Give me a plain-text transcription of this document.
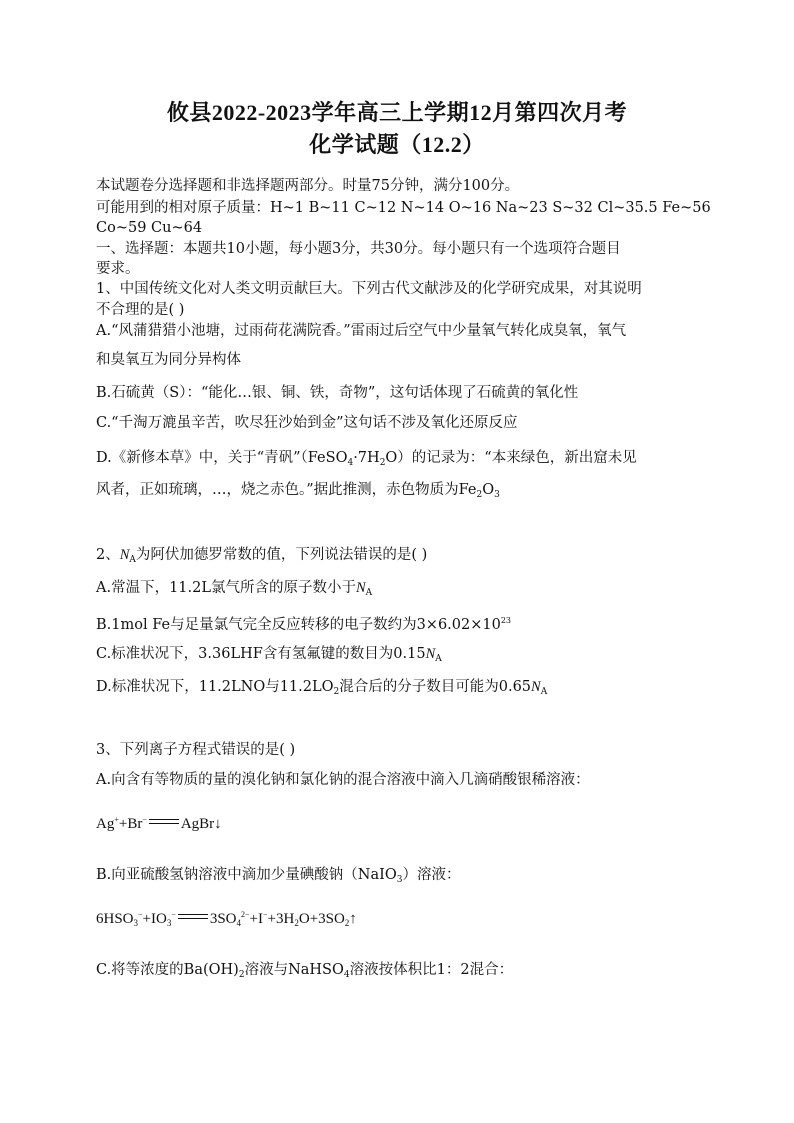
攸县2022-2023学年高三上学期12月第四次月考
化学试题（12.2）
本试题卷分选择题和非选择题两部分。时量75分钟，满分100分。
可能用到的相对原子质量：H~1 B~11 C~12 N~14 O~16 Na~23 S~32 Cl~35.5 Fe~56
Co~59 Cu~64
一、选择题：本题共10小题，每小题3分，共30分。每小题只有一个选项符合题目
要求。
1、中国传统文化对人类文明贡献巨大。下列古代文献涉及的化学研究成果，对其说明
不合理的是( )
A.“风蒲猎猎小池塘，过雨荷花满院香。”雷雨过后空气中少量氧气转化成臭氧，氧气
和臭氧互为同分异构体
B.石硫黄（S）：“能化…银、铜、铁，奇物”，这句话体现了石硫黄的氧化性
C.“千淘万漉虽辛苦，吹尽狂沙始到金”这句话不涉及氧化还原反应
D.《新修本草》中，关于“青矾$”(FeSO_4\cdot 7H_2O)$的记录为：“本来绿色，新出窟未见
风者，正如琉璃，…，烧之赤色。”据此推测，赤色物质为$Fe_2O_3$
2、$N_A$为阿伏加德罗常数的值，下列说法错误的是( )
A.常温下，11.2L氯气所含的原子数小于$N_A$
B.1mol Fe与足量氯气完全反应转移的电子数约为$3\times 6.02\times 10^{23}$
C.标准状况下，3.36LHF含有氢氟键的数目为$0.15N_A$
D.标准状况下，11.2LNO与$11.2LO_2$混合后的分子数目可能为$0.65N_A$
3、下列离子方程式错误的是( )
A.向含有等物质的量的溴化钠和氯化钠的混合溶液中滴入几滴硝酸银稀溶液：
Ag++Br− AgBr↓
B.向亚硫酸氢钠溶液中滴加少量碘酸钠（NaIO$_3$）溶液：
$6HSO_3^-+IO_3^-$ $3SO_4^{2-}+I^-+3H_2O+3SO_2↑$
C.将等浓度的$Ba(OH)_2$溶液与NaHSO$_4$溶液按体积比1：2混合：
